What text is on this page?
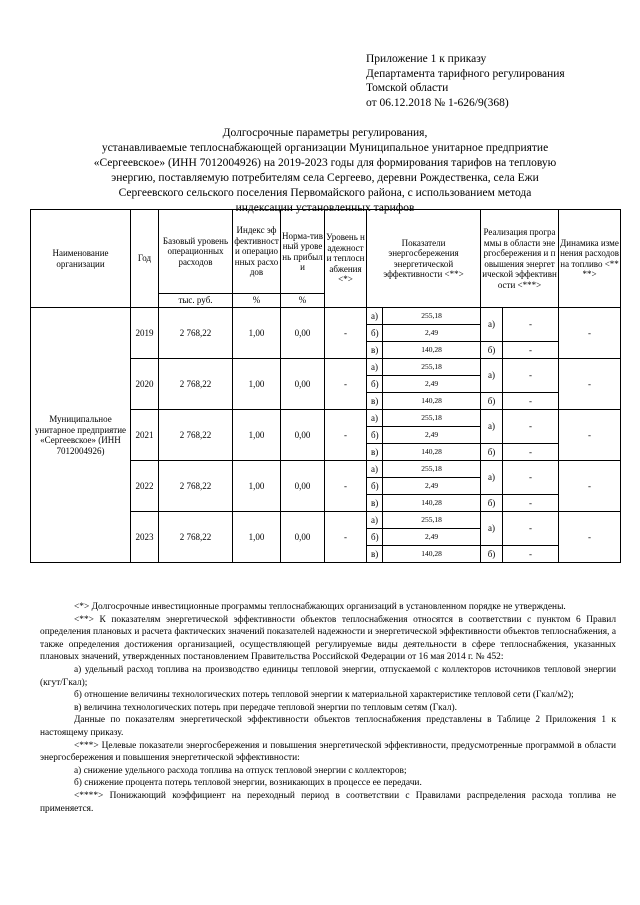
Приложение 1 к приказу
Департамента тарифного регулирования
Томской области
от 06.12.2018 № 1-626/9(368)
Долгосрочные параметры регулирования,
устанавливаемые теплоснабжающей организации Муниципальное унитарное предприятие
«Сергеевское» (ИНН 7012004926) на 2019-2023 годы для формирования тарифов на тепловую
энергию, поставляемую потребителям села Сергеево, деревни Рождественка, села Ежи
Сергеевского сельского поселения Первомайского района, с использованием метода
индексации установленных тарифов
Наименование организации	Год	Базовый уровень операционных расходов	Индекс эффективности операционных расходов	Норма-тивный уровень прибыли	Уровень надежности теплоснабжения <*>	Показатели энергосбережения энергетической эффективности <**>		Реализация программы в области энергосбережения и повышения энергетической эффективности <***>		Динамика изменения расходов на топливо <****>
		тыс. руб.	%	%						
Муниципальное унитарное предприятие «Сергеевское» (ИНН 7012004926)	2019	2 768,22	1,00	0,00	-	а)	255,18	а)	-	-
						б)	2,49			
						в)	140,28	б)	-	
	2020	2 768,22	1,00	0,00	-	а)	255,18	а)	-	-
						б)	2,49			
						в)	140,28	б)	-	
	2021	2 768,22	1,00	0,00	-	а)	255,18	а)	-	-
						б)	2,49			
						в)	140,28	б)	-	
	2022	2 768,22	1,00	0,00	-	а)	255,18	а)	-	-
						б)	2,49			
						в)	140,28	б)	-	
	2023	2 768,22	1,00	0,00	-	а)	255,18	а)	-	-
						б)	2,49			
						в)	140,28	б)	-	

<*> Долгосрочные инвестиционные программы теплоснабжающих организаций в установленном порядке не утверждены.

<**> К показателям энергетической эффективности объектов теплоснабжения относятся в соответствии с пунктом 6 Правил определения плановых и расчета фактических значений показателей надежности и энергетической эффективности объектов теплоснабжения, а также определения достижения организацией, осуществляющей регулируемые виды деятельности в сфере теплоснабжения, указанных плановых значений, утвержденных постановлением Правительства Российской Федерации от 16 мая 2014 г. № 452:

а) удельный расход топлива на производство единицы тепловой энергии, отпускаемой с коллекторов источников тепловой энергии (кгут/Гкал);

б) отношение величины технологических потерь тепловой энергии к материальной характеристике тепловой сети (Гкал/м2);

в) величина технологических потерь при передаче тепловой энергии по тепловым сетям (Гкал).

Данные по показателям энергетической эффективности объектов теплоснабжения представлены в Таблице 2 Приложения 1 к настоящему приказу.

<***> Целевые показатели энергосбережения и повышения энергетической эффективности, предусмотренные программой в области энергосбережения и повышения энергетической эффективности:

а) снижение удельного расхода топлива на отпуск тепловой энергии с коллекторов;

б) снижение процента потерь тепловой энергии, возникающих в процессе ее передачи.

<****> Понижающий коэффициент на переходный период в соответствии с Правилами распределения расхода топлива не применяется.
